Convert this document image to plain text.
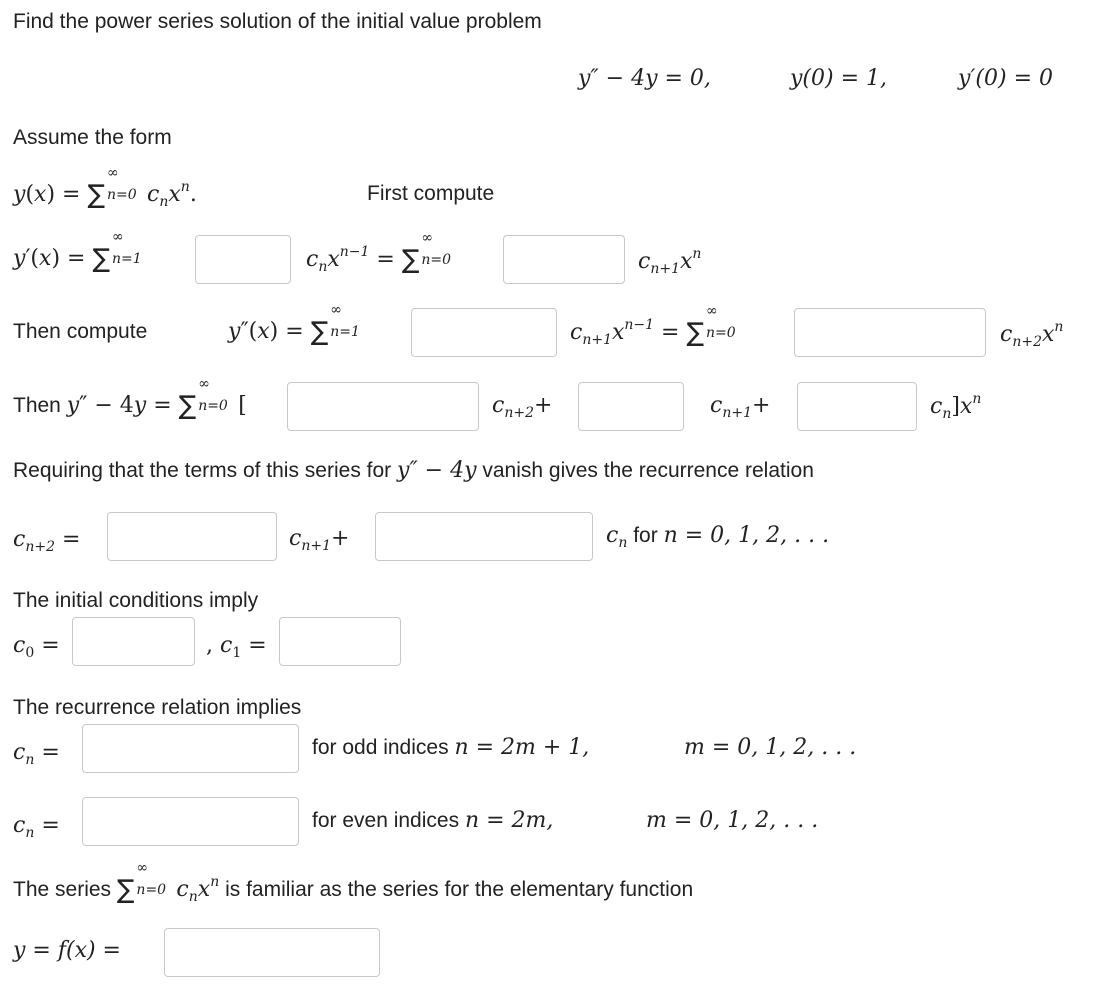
Find the power series solution of the initial value problem
y″ − 4y = 0,	y(0) = 1,	y′(0) = 0
Assume the form
y(x) = ∑
∞
n=0 $c_nx^n$.	First compute
y′(x) = ∑
∞
n=1	$c_nx^{n-1}$ = ∑
∞
n=0	$c_{n+1}x^n$
Then compute	y″(x) = ∑
∞
n=1	$c_{n+1}x^{n-1}$ = ∑
∞
n=0	$c_{n+2}x^n$
Then y″ − 4y = ∑
∞
n=0 [	$c_{n+2}+$	$c_{n+1}+$	$c_n]x^n$
Requiring that the terms of this series for y″ − 4y vanish gives the recurrence relation
$c_{n+2}$ =	$c_{n+1}+$	$c_n$ for n = 0, 1, 2, . . .
The initial conditions imply
$c_0$ =	, $c_1$ =
The recurrence relation implies
$c_n$ =	for odd indices n = 2m + 1,	m = 0, 1, 2, . . .
$c_n$ =	for even indices n = 2m,	m = 0, 1, 2, . . .
The series ∑
∞
n=0 $c_nx^n$ is familiar as the series for the elementary function
y = f(x) =
